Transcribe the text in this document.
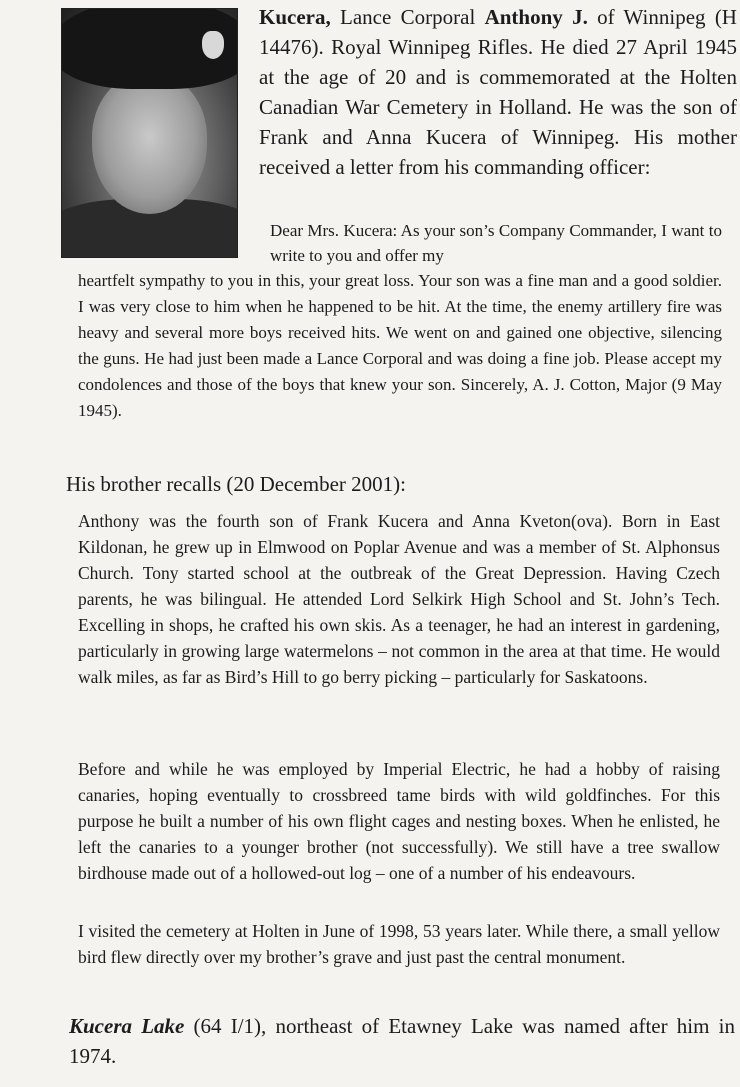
Kucera, Lance Corporal Anthony J. of Winnipeg (H 14476). Royal Winnipeg Rifles. He died 27 April 1945 at the age of 20 and is commemorated at the Holten Canadian War Cemetery in Holland. He was the son of Frank and Anna Kucera of Winnipeg. His mother received a letter from his commanding officer:
Dear Mrs. Kucera: As your son’s Company Commander, I want to write to you and offer my
heartfelt sympathy to you in this, your great loss. Your son was a fine man and a good soldier. I was very close to him when he happened to be hit. At the time, the enemy artillery fire was heavy and several more boys received hits. We went on and gained one objective, silencing the guns. He had just been made a Lance Corporal and was doing a fine job. Please accept my condolences and those of the boys that knew your son. Sincerely, A. J. Cotton, Major (9 May 1945).
His brother recalls (20 December 2001):
Anthony was the fourth son of Frank Kucera and Anna Kveton(ova). Born in East Kildonan, he grew up in Elmwood on Poplar Avenue and was a member of St. Alphonsus Church. Tony started school at the outbreak of the Great Depression. Having Czech parents, he was bilingual. He attended Lord Selkirk High School and St. John’s Tech. Excelling in shops, he crafted his own skis. As a teenager, he had an interest in gardening, particularly in growing large watermelons – not common in the area at that time. He would walk miles, as far as Bird’s Hill to go berry picking – particularly for Saskatoons.
Before and while he was employed by Imperial Electric, he had a hobby of raising canaries, hoping eventually to crossbreed tame birds with wild goldfinches. For this purpose he built a number of his own flight cages and nesting boxes. When he enlisted, he left the canaries to a younger brother (not successfully). We still have a tree swallow birdhouse made out of a hollowed-out log – one of a number of his endeavours.
I visited the cemetery at Holten in June of 1998, 53 years later. While there, a small yellow bird flew directly over my brother’s grave and just past the central monument.
Kucera Lake (64 I/1), northeast of Etawney Lake was named after him in 1974.
